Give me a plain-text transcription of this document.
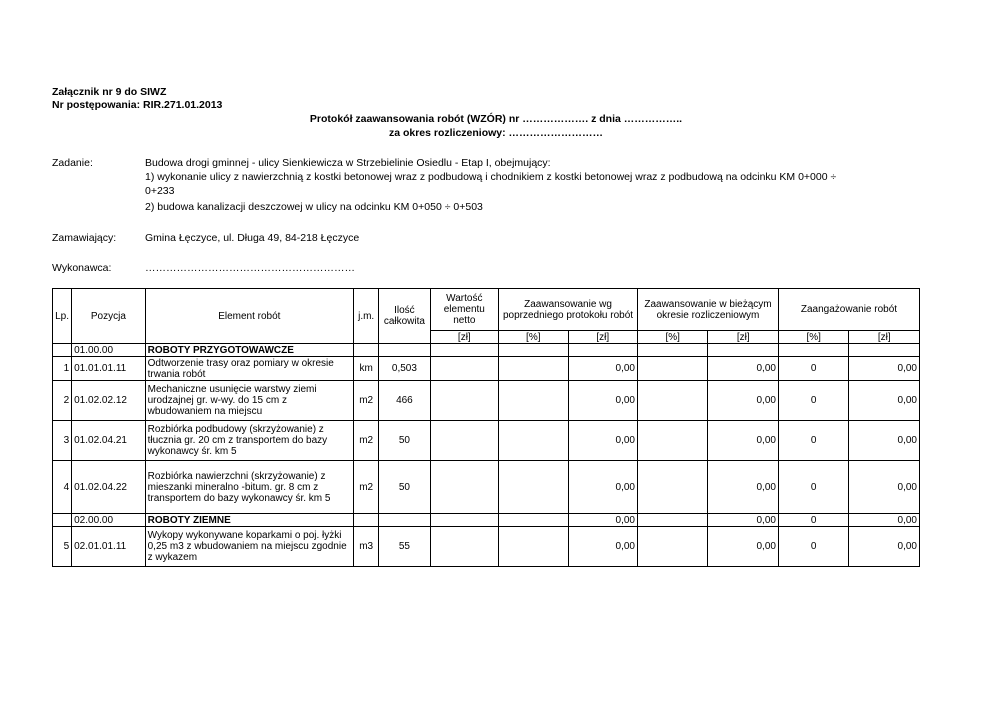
Załącznik nr 9 do SIWZ
Nr postępowania: RIR.271.01.2013
Protokół zaawansowania robót (WZÓR) nr ………………. z dnia ……………..
za okres rozliczeniowy: ………………………
Zadanie:	Budowa drogi gminnej - ulicy Sienkiewicza w Strzebielinie Osiedlu - Etap I, obejmujący:
1) wykonanie ulicy z nawierzchnią z kostki betonowej wraz z podbudową i chodnikiem z kostki betonowej wraz z podbudową na odcinku KM 0+000 ÷
0+233
2) budowa kanalizacji deszczowej w ulicy na odcinku KM 0+050 ÷ 0+503
Zamawiający:	Gmina Łęczyce, ul. Długa 49, 84-218 Łęczyce
Wykonawca:	……………………………………………………
Lp.	Pozycja	Element robót	j.m.	Ilość całkowita	Wartość elementu netto	Zaawansowanie wg poprzedniego protokołu robót		Zaawansowanie w bieżącym okresie rozliczeniowym		Zaangażowanie robót	
					[zł]	[%]	[zł]	[%]	[zł]	[%]	[zł]
	01.00.00	ROBOTY PRZYGOTOWAWCZE									
1	01.01.01.11	Odtworzenie trasy oraz pomiary w okresie trwania robót	km	0,503			0,00		0,00	0	0,00
2	01.02.02.12	Mechaniczne usunięcie warstwy ziemi urodzajnej gr. w-wy. do 15 cm z wbudowaniem na miejscu	m2	466			0,00		0,00	0	0,00
3	01.02.04.21	Rozbiórka podbudowy (skrzyżowanie) z tłucznia gr. 20 cm z transportem do bazy wykonawcy śr. km 5	m2	50			0,00		0,00	0	0,00
4	01.02.04.22	Rozbiórka nawierzchni (skrzyżowanie) z mieszanki mineralno -bitum. gr. 8 cm z transportem do bazy wykonawcy śr. km 5	m2	50			0,00		0,00	0	0,00
	02.00.00	ROBOTY ZIEMNE					0,00		0,00	0	0,00
5	02.01.01.11	Wykopy wykonywane koparkami o poj. łyżki 0,25 m3 z wbudowaniem na miejscu zgodnie z wykazem	m3	55			0,00		0,00	0	0,00
